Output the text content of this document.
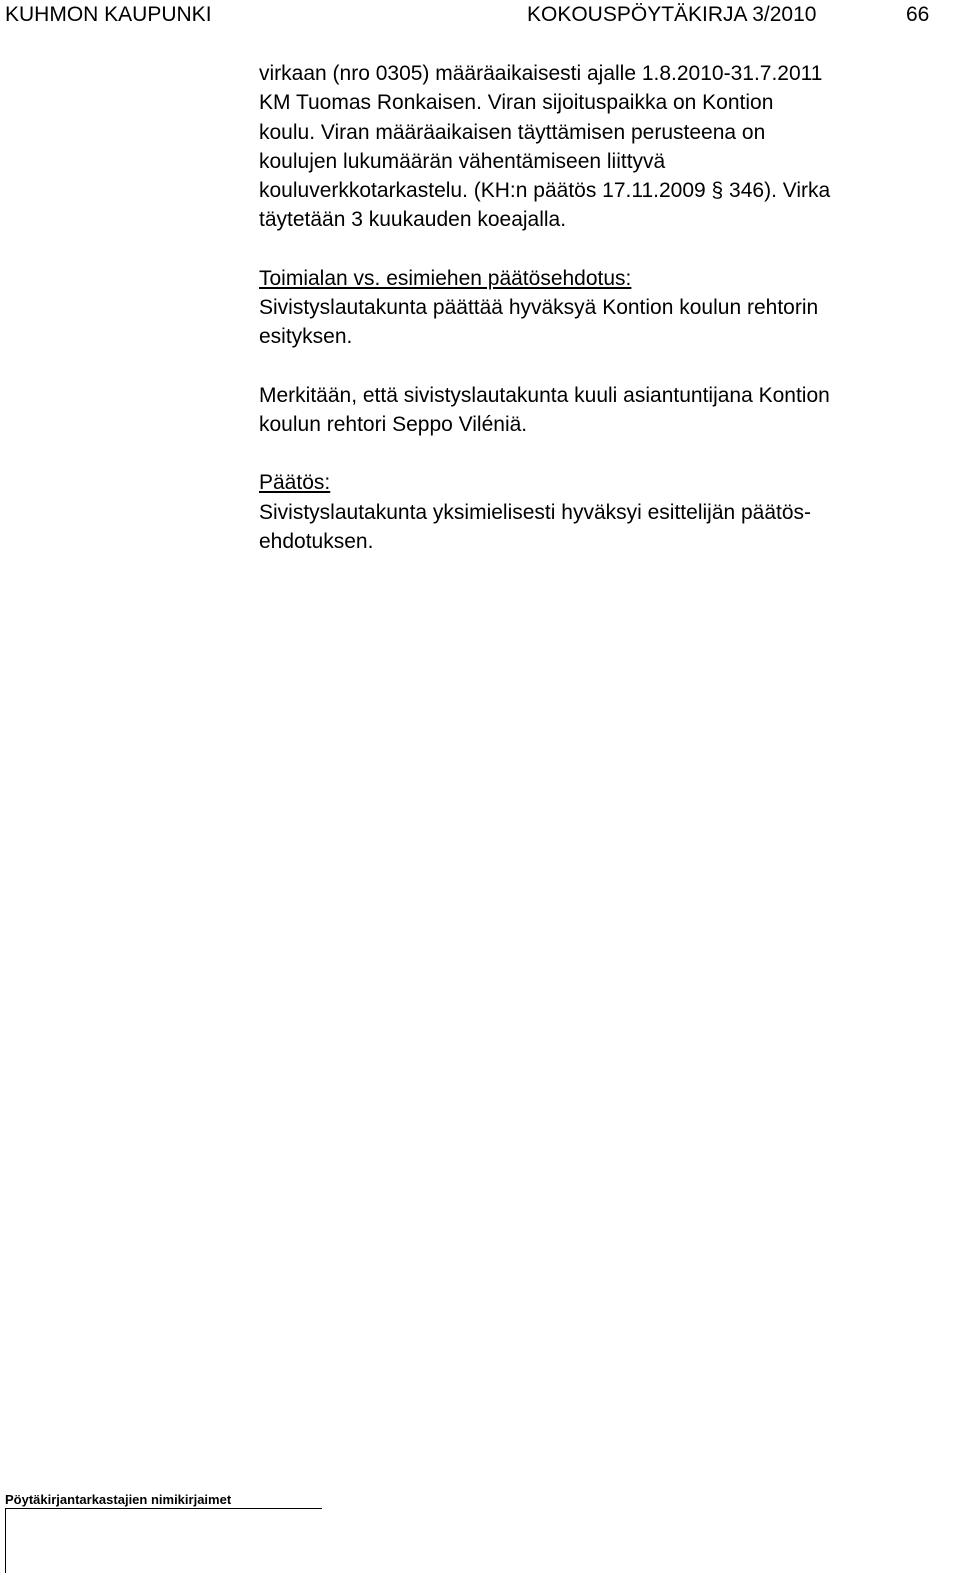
KUHMON KAUPUNKI	KOKOUSPÖYTÄKIRJA 3/2010	66

virkaan (nro 0305) määräaikaisesti ajalle 1.8.2010-31.7.2011

KM Tuomas Ronkaisen. Viran sijoituspaikka on Kontion

koulu. Viran määräaikaisen täyttämisen perusteena on

koulujen lukumäärän vähentämiseen liittyvä

kouluverkkotarkastelu. (KH:n päätös 17.11.2009 § 346). Virka

täytetään 3 kuukauden koeajalla.

Toimialan vs. esimiehen päätösehdotus:

Sivistyslautakunta päättää hyväksyä Kontion koulun rehtorin

esityksen.

Merkitään, että sivistyslautakunta kuuli asiantuntijana Kontion

koulun rehtori Seppo Viléniä.

Päätös:

Sivistyslautakunta yksimielisesti hyväksyi esittelijän päätös-

ehdotuksen.

Pöytäkirjantarkastajien nimikirjaimet
